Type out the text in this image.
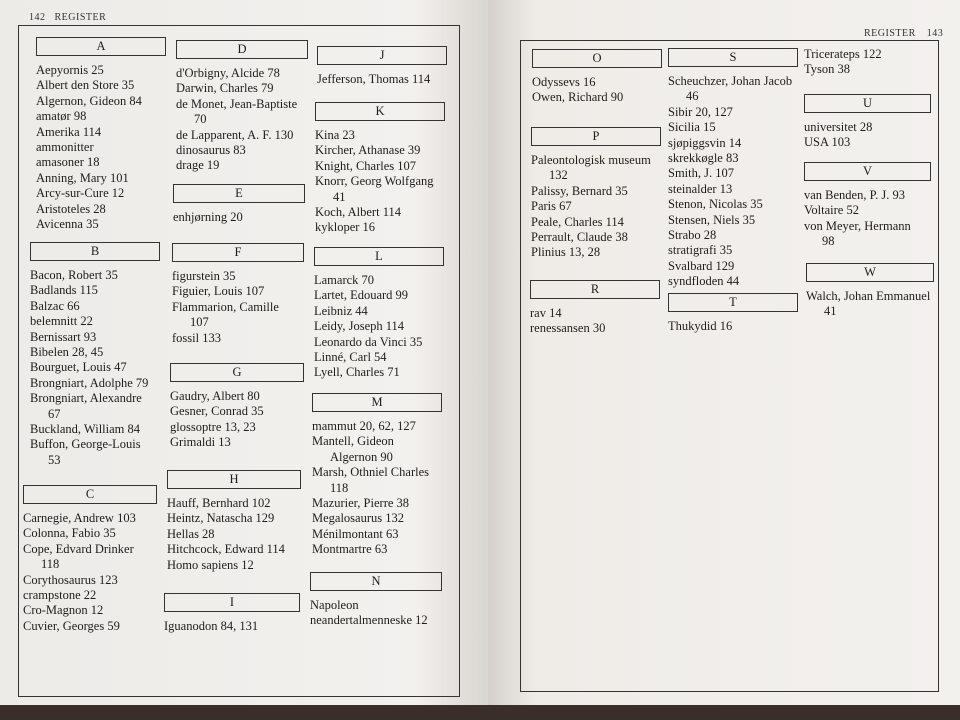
142 REGISTER
A
Aepyornis 25
Albert den Store 35
Algernon, Gideon 84
amatør 98
Amerika 114
ammonitter
amasoner 18
Anning, Mary 101
Arcy-sur-Cure 12
Aristoteles 28
Avicenna 35
B
Bacon, Robert 35
Badlands 115
Balzac 66
belemnitt 22
Bernissart 93
Bibelen 28, 45
Bourguet, Louis 47
Brongniart, Adolphe 79
Brongniart, Alexandre
67
Buckland, William 84
Buffon, George-Louis
53
C
Carnegie, Andrew 103
Colonna, Fabio 35
Cope, Edvard Drinker
118
Corythosaurus 123
crampstone 22
Cro-Magnon 12
Cuvier, Georges 59
D
d'Orbigny, Alcide 78
Darwin, Charles 79
de Monet, Jean-Baptiste
70
de Lapparent, A. F. 130
dinosaurus 83
drage 19
E
enhjørning 20
F
figurstein 35
Figuier, Louis 107
Flammarion, Camille
107
fossil 133
G
Gaudry, Albert 80
Gesner, Conrad 35
glossoptre 13, 23
Grimaldi 13
H
Hauff, Bernhard 102
Heintz, Natascha 129
Hellas 28
Hitchcock, Edward 114
Homo sapiens 12
I
Iguanodon 84, 131
J
Jefferson, Thomas 114
K
Kina 23
Kircher, Athanase 39
Knight, Charles 107
Knorr, Georg Wolfgang
41
Koch, Albert 114
kykloper 16
L
Lamarck 70
Lartet, Edouard 99
Leibniz 44
Leidy, Joseph 114
Leonardo da Vinci 35
Linné, Carl 54
Lyell, Charles 71
M
mammut 20, 62, 127
Mantell, Gideon
Algernon 90
Marsh, Othniel Charles
118
Mazurier, Pierre 38
Megalosaurus 132
Ménilmontant 63
Montmartre 63
N
Napoleon
neandertalmenneske 12
REGISTER 143
O
Odyssevs 16
Owen, Richard 90
P
Paleontologisk museum
132
Palissy, Bernard 35
Paris 67
Peale, Charles 114
Perrault, Claude 38
Plinius 13, 28
R
rav 14
renessansen 30
S
Scheuchzer, Johan Jacob
46
Sibir 20, 127
Sicilia 15
sjøpiggsvin 14
skrekkøgle 83
Smith, J. 107
steinalder 13
Stenon, Nicolas 35
Stensen, Niels 35
Strabo 28
stratigrafi 35
Svalbard 129
syndfloden 44
T
Thukydid 16
Tricerateps 122
Tyson 38
U
universitet 28
USA 103
V
van Benden, P. J. 93
Voltaire 52
von Meyer, Hermann
98
W
Walch, Johan Emmanuel
41
